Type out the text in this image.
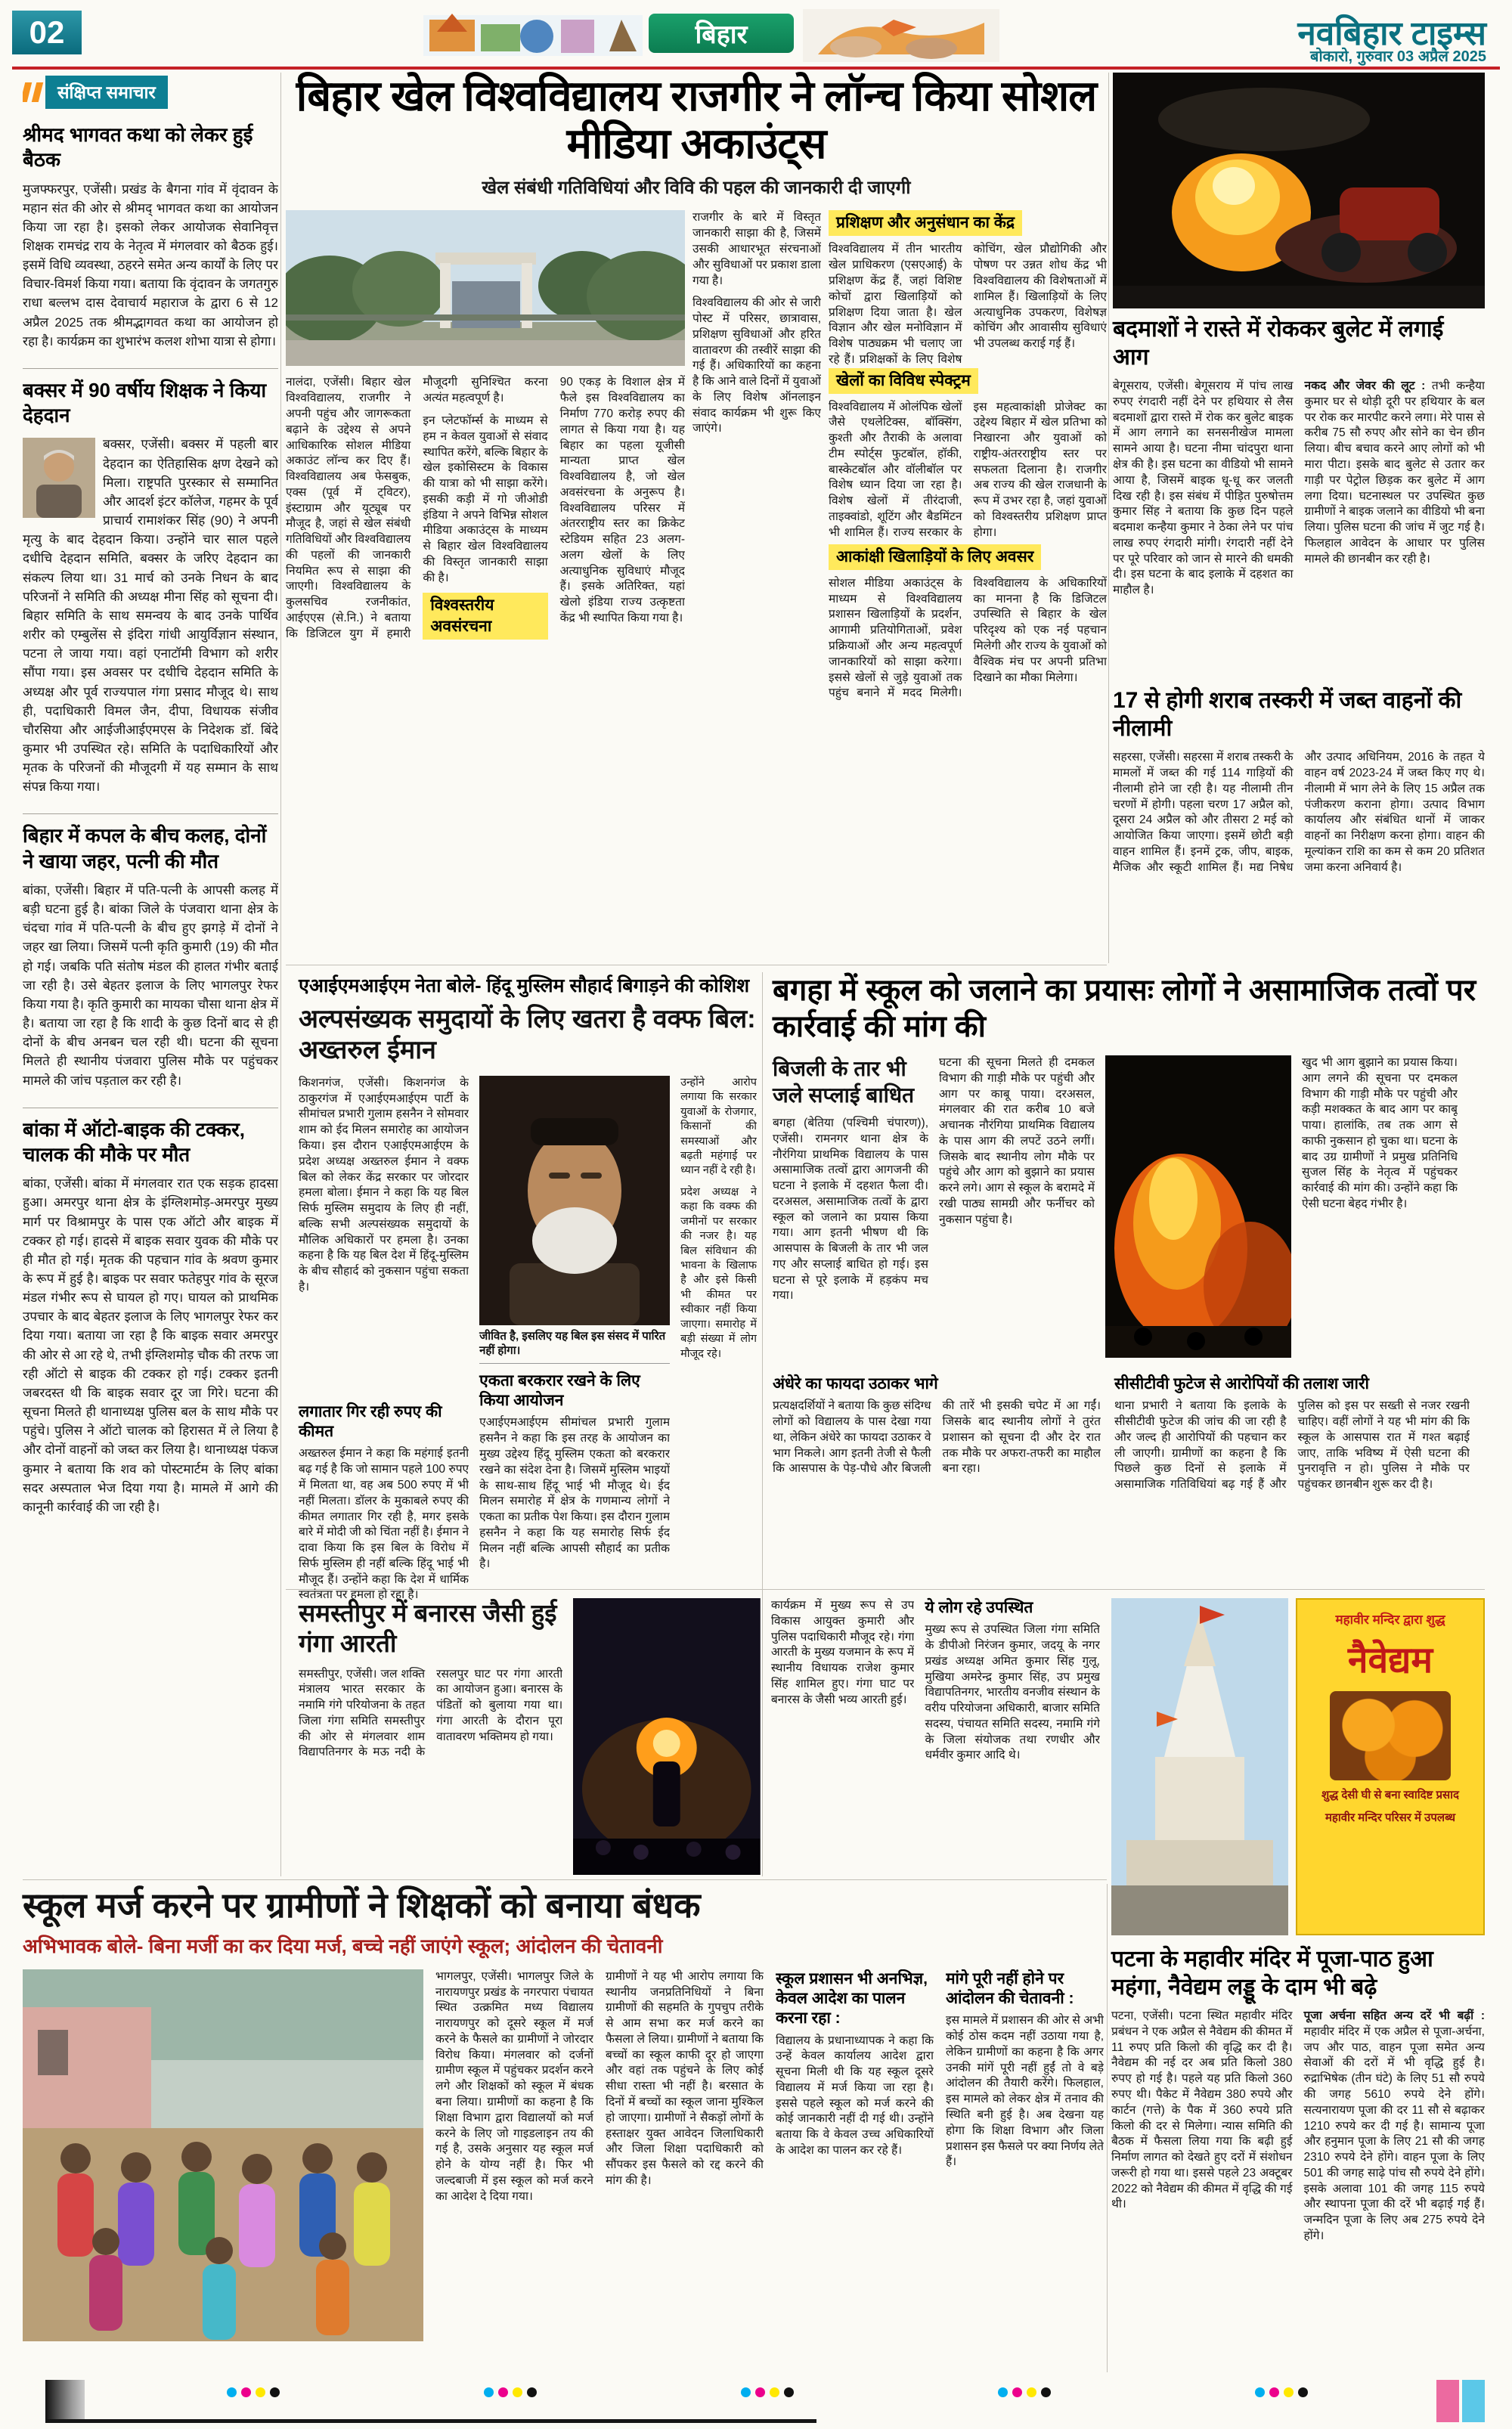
02	बिहार	नवबिहार टाइम्स
बोकारो, गुरुवार 03 अप्रैल 2025
संक्षिप्त समाचार
श्रीमद भागवत कथा को लेकर हुई बैठक

मुजफ्फरपुर, एजेंसी। प्रखंड के बैगना गांव में वृंदावन के महान संत की ओर से श्रीमद् भागवत कथा का आयोजन किया जा रहा है। इसको लेकर आयोजक सेवानिवृत्त शिक्षक रामचंद्र राय के नेतृत्व में मंगलवार को बैठक हुई। इसमें वि‍धि व्यवस्था, ठहरने समेत अन्य कार्यों के लिए पर विचार-विमर्श किया गया। बताया कि वृंदावन के जगतगुरु राधा बल्लभ दास देवाचार्य महाराज के द्वारा 6 से 12 अप्रैल 2025 तक श्रीमद्भागवत कथा का आयोजन हो रहा है। कार्यक्रम का शुभारंभ कलश शोभा यात्रा से होगा।

बक्सर में 90 वर्षीय शिक्षक ने किया देहदान

बक्सर, एजेंसी। बक्सर में पहली बार देहदान का ऐतिहासिक क्षण देखने को मिला। राष्ट्रपति पुरस्कार से सम्मानित और आदर्श इंटर कॉलेज, गहमर के पूर्व प्राचार्य रामाशंकर सिंह (90) ने अपनी मृत्यु के बाद देहदान किया। उन्होंने चार साल पहले दधीचि देहदान समिति, बक्सर के जरिए देहदान का संकल्प लिया था। 31 मार्च को उनके निधन के बाद परिजनों ने समिति की अध्यक्ष मीना सिंह को सूचना दी। बिहार समिति के साथ समन्वय के बाद उनके पार्थिव शरीर को एम्बुलेंस से इंदिरा गांधी आयुर्विज्ञान संस्थान, पटना ले जाया गया। वहां एनाटॉमी विभाग को शरीर सौंपा गया। इस अवसर पर दधीचि देहदान समिति के अध्यक्ष और पूर्व राज्यपाल गंगा प्रसाद मौजूद थे। साथ ही, पदाधिकारी विमल जैन, दीपा, विधायक संजीव चौरसिया और आईजीआईएमएस के निदेशक डॉ. बिंदे कुमार भी उपस्थित रहे। समिति के पदाधिकारियों और मृतक के परिजनों की मौजूदगी में यह सम्मान के साथ संपन्न किया गया।

बिहार में कपल के बीच कलह, दोनों ने खाया जहर, पत्नी की मौत

बांका, एजेंसी। बिहार में पति-पत्नी के आपसी कलह में बड़ी घटना हुई है। बांका जिले के पंजवारा थाना क्षेत्र के चंदचा गांव में पति-पत्नी के बीच हुए झगड़े में दोनों ने जहर खा लिया। जिसमें पत्नी कृति कुमारी (19) की मौत हो गई। जबकि पति संतोष मंडल की हालत गंभीर बताई जा रही है। उसे बेहतर इलाज के लिए भागलपुर रेफर किया गया है। कृति कुमारी का मायका चौसा थाना क्षेत्र में है। बताया जा रहा है कि शादी के कुछ दिनों बाद से ही दोनों के बीच अनबन चल रही थी। घटना की सूचना मिलते ही स्थानीय पंजवारा पुलिस मौके पर पहुंचकर मामले की जांच पड़ताल कर रही है।

बांका में ऑटो-बाइक की टक्कर, चालक की मौके पर मौत

बांका, एजेंसी। बांका में मंगलवार रात एक सड़क हादसा हुआ। अमरपुर थाना क्षेत्र के इंग्लिशमोड़-अमरपुर मुख्य मार्ग पर विश्रामपुर के पास एक ऑटो और बाइक में टक्कर हो गई। हादसे में बाइक सवार युवक की मौके पर ही मौत हो गई। मृतक की पहचान गांव के श्रवण कुमार के रूप में हुई है। बाइक पर सवार फतेहपुर गांव के सूरज मंडल गंभीर रूप से घायल हो गए। घायल को प्राथमिक उपचार के बाद बेहतर इलाज के लिए भागलपुर रेफर कर दिया गया। बताया जा रहा है कि बाइक सवार अमरपुर की ओर से आ रहे थे, तभी इंग्लिशमोड़ चौक की तरफ जा रही ऑटो से बाइक की टक्कर हो गई। टक्कर इतनी जबरदस्त थी कि बाइक सवार दूर जा गिरे। घटना की सूचना मिलते ही थानाध्यक्ष पुलिस बल के साथ मौके पर पहुंचे। पुलिस ने ऑटो चालक को हिरासत में ले लिया है और दोनों वाहनों को जब्त कर लिया है। थानाध्यक्ष पंकज कुमार ने बताया कि शव को पोस्टमार्टम के लिए बांका सदर अस्पताल भेज दिया गया है। मामले में आगे की कानूनी कार्रवाई की जा रही है।

बिहार खेल विश्वविद्यालय राजगीर ने लॉन्च किया सोशल मीडिया अकाउंट्स
खेल संबंधी गतिविधियां और विवि की पहल की जानकारी दी जाएगी

राजगीर के बारे में विस्तृत जानकारी साझा की है, जिसमें उसकी आधारभूत संरचनाओं और सुविधाओं पर प्रकाश डाला गया है।

विश्वविद्यालय की ओर से जारी पोस्ट में परिसर, छात्रावास, प्रशिक्षण सुविधाओं और हरित वातावरण की तस्वीरें साझा की गई हैं। अधिकारियों का कहना है कि आने वाले दिनों में युवाओं के लिए विशेष ऑनलाइन संवाद कार्यक्रम भी शुरू किए जाएंगे।

प्रशिक्षण और अनुसंधान का केंद्र

विश्वविद्यालय में तीन भारतीय खेल प्राधिकरण (एसएआई) के प्रशिक्षण केंद्र हैं, जहां विशिष्ट कोचों द्वारा खिलाड़ियों को प्रशिक्षण दिया जाता है। खेल विज्ञान और खेल मनोविज्ञान में विशेष पाठ्यक्रम भी चलाए जा रहे हैं। प्रशिक्षकों के लिए विशेष कोचिंग, खेल प्रौद्योगिकी और पोषण पर उन्नत शोध केंद्र भी विश्वविद्यालय की विशेषताओं में शामिल हैं। खिलाड़ियों के लिए अत्याधुनिक उपकरण, विशेषज्ञ कोचिंग और आवासीय सुविधाएं भी उपलब्ध कराई गई हैं।

खेलों का विविध स्पेक्ट्रम

विश्वविद्यालय में ओलंपिक खेलों जैसे एथलेटिक्स, बॉक्सिंग, कुश्ती और तैराकी के अलावा टीम स्पोर्ट्स फुटबॉल, हॉकी, बास्केटबॉल और वॉलीबॉल पर विशेष ध्यान दिया जा रहा है। विशेष खेलों में तीरंदाजी, ताइक्वांडो, शूटिंग और बैडमिंटन भी शामिल हैं। राज्य सरकार के इस महत्वाकांक्षी प्रोजेक्ट का उद्देश्य बिहार में खेल प्रतिभा को निखारना और युवाओं को राष्ट्रीय-अंतरराष्ट्रीय स्तर पर सफलता दिलाना है। राजगीर अब राज्य की खेल राजधानी के रूप में उभर रहा है, जहां युवाओं को विश्वस्तरीय प्रशिक्षण प्राप्त होगा।

आकांक्षी खिलाड़ियों के लिए अवसर

सोशल मीडिया अकाउंट्स के माध्यम से विश्वविद्यालय प्रशासन खिलाड़ियों के प्रदर्शन, आगामी प्रतियोगिताओं, प्रवेश प्रक्रियाओं और अन्य महत्वपूर्ण जानकारियों को साझा करेगा। इससे खेलों से जुड़े युवाओं तक पहुंच बनाने में मदद मिलेगी। विश्वविद्यालय के अधिकारियों का मानना है कि डिजिटल उपस्थिति से बिहार के खेल परिदृश्य को एक नई पहचान मिलेगी और राज्य के युवाओं को वैश्विक मंच पर अपनी प्रतिभा दिखाने का मौका मिलेगा।

नालंदा, एजेंसी। बिहार खेल विश्वविद्यालय, राजगीर ने अपनी पहुंच और जागरूकता बढ़ाने के उद्देश्य से अपने आधिकारिक सोशल मीडिया अकाउंट लॉन्च कर दिए हैं। विश्वविद्यालय अब फेसबुक, एक्स (पूर्व में ट्विटर), इंस्टाग्राम और यूट्यूब पर मौजूद है, जहां से खेल संबंधी गतिविधियों और विश्वविद्यालय की पहलों की जानकारी नियमित रूप से साझा की जाएगी। विश्वविद्यालय के कुलसचिव रजनीकांत, आईएएस (से.नि.) ने बताया कि डिजिटल युग में हमारी मौजूदगी सुनिश्चित करना अत्यंत महत्वपूर्ण है।

इन प्लेटफॉर्म्स के माध्यम से हम न केवल युवाओं से संवाद स्थापित करेंगे, बल्कि बिहार के खेल इकोसिस्टम के विकास की यात्रा को भी साझा करेंगे। इसकी कड़ी में गो जीओडी इंडिया ने अपने विभिन्न सोशल मीडिया अकाउंट्स के माध्यम से बिहार खेल विश्वविद्यालय की विस्तृत जानकारी साझा की है।

विश्वस्तरीय अवसंरचना

90 एकड़ के विशाल क्षेत्र में फैले इस विश्वविद्यालय का निर्माण 770 करोड़ रुपए की लागत से किया गया है। यह बिहार का पहला यूजीसी मान्यता प्राप्त खेल विश्वविद्यालय है, जो खेल अवसंरचना के अनुरूप है। विश्वविद्यालय परिसर में अंतरराष्ट्रीय स्तर का क्रिकेट स्टेडियम सहित 23 अलग-अलग खेलों के लिए अत्याधुनिक सुविधाएं मौजूद हैं। इसके अतिरिक्त, यहां खेलो इंडिया राज्य उत्कृष्टता केंद्र भी स्थापित किया गया है।

बदमाशों ने रास्ते में रोककर बुलेट में लगाई आग

बेगूसराय, एजेंसी। बेगूसराय में पांच लाख रुपए रंगदारी नहीं देने पर हथियार से लैस बदमाशों द्वारा रास्ते में रोक कर बुलेट बाइक में आग लगाने का सनसनीखेज मामला सामने आया है। घटना नीमा चांदपुरा थाना क्षेत्र की है। इस घटना का वीडियो भी सामने आया है, जिसमें बाइक धू-धू कर जलती दिख रही है। इस संबंध में पीड़ित पुरुषोत्तम कुमार सिंह ने बताया कि कुछ दिन पहले बदमाश कन्हैया कुमार ने ठेका लेने पर पांच लाख रुपए रंगदारी मांगी। रंगदारी नहीं देने पर पूरे परिवार को जान से मारने की धमकी दी। इस घटना के बाद इलाके में दहशत का माहौल है।

नकद और जेवर की लूट : तभी कन्हैया कुमार घर से थोड़ी दूरी पर हथियार के बल पर रोक कर मारपीट करने लगा। मेरे पास से करीब 75 सौ रुपए और सोने का चेन छीन लिया। बीच बचाव करने आए लोगों को भी मारा पीटा। इसके बाद बुलेट से उतार कर गाड़ी पर पेट्रोल छिड़क कर बुलेट में आग लगा दिया। घटनास्थल पर उपस्थित कुछ ग्रामीणों ने बाइक जलाने का वीडियो भी बना लिया। पुलिस घटना की जांच में जुट गई है। फिलहाल आवेदन के आधार पर पुलिस मामले की छानबीन कर रही है।

17 से होगी शराब तस्करी में जब्त वाहनों की नीलामी

सहरसा, एजेंसी। सहरसा में शराब तस्करी के मामलों में जब्त की गई 114 गाड़ियों की नीलामी होने जा रही है। यह नीलामी तीन चरणों में होगी। पहला चरण 17 अप्रैल को, दूसरा 24 अप्रैल को और तीसरा 2 मई को आयोजित किया जाएगा। इसमें छोटी बड़ी वाहन शामिल हैं। इनमें ट्रक, जीप, बाइक, मैजिक और स्कूटी शामिल हैं। मद्य निषेध और उत्पाद अधिनियम, 2016 के तहत ये वाहन वर्ष 2023-24 में जब्त किए गए थे। नीलामी में भाग लेने के लिए 15 अप्रैल तक पंजीकरण कराना होगा। उत्पाद विभाग कार्यालय और संबंधित थानों में जाकर वाहनों का निरीक्षण करना होगा। वाहन की मूल्यांकन राशि का कम से कम 20 प्रतिशत जमा करना अनिवार्य है।

एआईएमआईएम नेता बोले- हिंदू मुस्लिम सौहार्द बिगाड़ने की कोशिश
अल्पसंख्यक समुदायों के लिए खतरा है वक्फ बिल: अख्तरुल ईमान

किशनगंज, एजेंसी। किशनगंज के ठाकुरगंज में एआईएमआईएम पार्टी के सीमांचल प्रभारी गुलाम हसनैन ने सोमवार शाम को ईद मिलन समारोह का आयोजन किया। इस दौरान एआईएमआईएम के प्रदेश अध्यक्ष अख्तरुल ईमान ने वक्फ बिल को लेकर केंद्र सरकार पर जोरदार हमला बोला। ईमान ने कहा कि यह बिल सिर्फ मुस्लिम समुदाय के लिए ही नहीं, बल्कि सभी अल्पसंख्यक समुदायों के मौलिक अधिकारों पर हमला है। उनका कहना है कि यह बिल देश में हिंदू-मुस्लिम के बीच सौहार्द को नुकसान पहुंचा सकता है।

लगातार गिर रही रुपए की कीमत

अख्तरुल ईमान ने कहा कि महंगाई इतनी बढ़ गई है कि जो सामान पहले 100 रुपए में मिलता था, वह अब 500 रुपए में भी नहीं मिलता। डॉलर के मुकाबले रुपए की कीमत लगातार गिर रही है, मगर इसके बारे में मोदी जी को चिंता नहीं है। ईमान ने दावा किया कि इस बिल के विरोध में सिर्फ मुस्लिम ही नहीं बल्कि हिंदू भाई भी मौजूद हैं। उन्होंने कहा कि देश में धार्मिक स्वतंत्रता पर हमला हो रहा है।

जीवित है, इसलिए यह बिल इस संसद में पारित नहीं होगा।
एकता बरकरार रखने के लिए किया आयोजन

एआईएमआईएम सीमांचल प्रभारी गुलाम हसनैन ने कहा कि इस तरह के आयोजन का मुख्य उद्देश्य हिंदू मुस्लिम एकता को बरकरार रखने का संदेश देना है। जिसमें मुस्लिम भाइयों के साथ-साथ हिंदू भाई भी मौजूद थे। ईद मिलन समारोह में क्षेत्र के गणमान्य लोगों ने एकता का प्रतीक पेश किया। इस दौरान गुलाम हसनैन ने कहा कि यह समारोह सिर्फ ईद मिलन नहीं बल्कि आपसी सौहार्द का प्रतीक है।

उन्होंने आरोप लगाया कि सरकार युवाओं के रोजगार, किसानों की समस्याओं और बढ़ती महंगाई पर ध्यान नहीं दे रही है।

प्रदेश अध्यक्ष ने कहा कि वक्फ की जमीनों पर सरकार की नजर है। यह बिल संविधान की भावना के खिलाफ है और इसे किसी भी कीमत पर स्वीकार नहीं किया जाएगा। समारोह में बड़ी संख्या में लोग मौजूद रहे।

बगहा में स्कूल को जलाने का प्रयासः लोगों ने असामाजिक तत्वों पर कार्रवाई की मांग की
बिजली के तार भी जले सप्लाई बाधित

बगहा (बेतिया (पश्चिमी चंपारण)), एजेंसी। रामनगर थाना क्षेत्र के नौरंगिया प्राथमिक विद्यालय के पास असामाजिक तत्वों द्वारा आगजनी की घटना ने इलाके में दहशत फैला दी। दरअसल, असामाजिक तत्वों के द्वारा स्कूल को जलाने का प्रयास किया गया। आग इतनी भीषण थी कि आसपास के बिजली के तार भी जल गए और सप्लाई बाधित हो गई। इस घटना से पूरे इलाके में हड़कंप मच गया।

घटना की सूचना मिलते ही दमकल विभाग की गाड़ी मौके पर पहुंची और आग पर काबू पाया। दरअसल, मंगलवार की रात करीब 10 बजे अचानक नौरंगिया प्राथमिक विद्यालय के पास आग की लपटें उठने लगीं। जिसके बाद स्थानीय लोग मौके पर पहुंचे और आग को बुझाने का प्रयास करने लगे। आग से स्कूल के बरामदे में रखी पाठ्य सामग्री और फर्नीचर को नुकसान पहुंचा है।

खुद भी आग बुझाने का प्रयास किया। आग लगने की सूचना पर दमकल विभाग की गाड़ी मौके पर पहुंची और कड़ी मशक्कत के बाद आग पर काबू पाया। हालांकि, तब तक आग से काफी नुकसान हो चुका था। घटना के बाद उग्र ग्रामीणों ने प्रमुख प्रतिनिधि सुजल सिंह के नेतृत्व में पहुंचकर कार्रवाई की मांग की। उन्होंने कहा कि ऐसी घटना बेहद गंभीर है।

अंधेरे का फायदा उठाकर भागे

प्रत्यक्षदर्शियों ने बताया कि कुछ संदिग्ध लोगों को विद्यालय के पास देखा गया था, लेकिन अंधेरे का फायदा उठाकर वे भाग निकले। आग इतनी तेजी से फैली कि आसपास के पेड़-पौधे और बिजली की तारें भी इसकी चपेट में आ गईं। जिसके बाद स्थानीय लोगों ने तुरंत प्रशासन को सूचना दी और देर रात तक मौके पर अफरा-तफरी का माहौल बना रहा।

सीसीटीवी फुटेज से आरोपियों की तलाश जारी

थाना प्रभारी ने बताया कि इलाके के सीसीटीवी फुटेज की जांच की जा रही है और जल्द ही आरोपियों की पहचान कर ली जाएगी। ग्रामीणों का कहना है कि पिछले कुछ दिनों से इलाके में असामाजिक गतिविधियां बढ़ गई हैं और पुलिस को इस पर सख्ती से नजर रखनी चाहिए। वहीं लोगों ने यह भी मांग की कि स्कूल के आसपास रात में गश्त बढ़ाई जाए, ताकि भविष्य में ऐसी घटना की पुनरावृत्ति न हो। पुलिस ने मौके पर पहुंचकर छानबीन शुरू कर दी है।

समस्तीपुर में बनारस जैसी हुई गंगा आरती

समस्तीपुर, एजेंसी। जल शक्ति मंत्रालय भारत सरकार के नमामि गंगे परियोजना के तहत जिला गंगा समिति समस्तीपुर की ओर से मंगलवार शाम विद्यापतिनगर के मऊ नदी के रसलपुर घाट पर गंगा आरती का आयोजन हुआ। बनारस के पंडितों को बुलाया गया था। गंगा आरती के दौरान पूरा वातावरण भक्तिमय हो गया।

कार्यक्रम में मुख्य रूप से उप विकास आयुक्त कुमारी और पुलिस पदाधिकारी मौजूद रहे। गंगा आरती के मुख्य यजमान के रूप में स्थानीय विधायक राजेश कुमार सिंह शामिल हुए। गंगा घाट पर बनारस के जैसी भव्य आरती हुई।

ये लोग रहे उपस्थित

मुख्य रूप से उपस्थित जिला गंगा समिति के डीपीओ निरंजन कुमार, जदयू के नगर प्रखंड अध्यक्ष अमित कुमार सिंह गुलू, मुखिया अमरेन्द्र कुमार सिंह, उप प्रमुख विद्यापतिनगर, भारतीय वनजीव संस्थान के वरीय परियोजना अधिकारी, बाजार समिति सदस्य, पंचायत समिति सदस्य, नमामि गंगे के जिला संयोजक तथा रणधीर और धर्मवीर कुमार आदि थे।

महावीर मन्दिर द्वारा शुद्ध
नैवेद्यम
शुद्ध देसी घी से बना स्वादिष्ट प्रसाद
महावीर मन्दिर परिसर में उपलब्ध
पटना के महावीर मंदिर में पूजा-पाठ हुआ महंगा, नैवेद्यम लड्डू के दाम भी बढ़े

पटना, एजेंसी। पटना स्थित महावीर मंदिर प्रबंधन ने एक अप्रैल से नैवेद्यम की कीमत में 11 रुपए प्रति किलो की वृद्धि कर दी है। नैवेद्यम की नई दर अब प्रति किलो 380 रुपए हो गई है। पहले यह प्रति किलो 360 रुपए थी। पैकेट में नैवेद्यम 380 रुपये और कार्टन (गत्ते) के पैक में 360 रुपये प्रति किलो की दर से मिलेगा। न्यास समिति की बैठक में फैसला लिया गया कि बढ़ी हुई निर्माण लागत को देखते हुए दरों में संशोधन जरूरी हो गया था। इससे पहले 23 अक्टूबर 2022 को नैवेद्यम की कीमत में वृद्धि की गई थी।

पूजा अर्चना सहित अन्य दरें भी बढ़ीं : महावीर मंदिर में एक अप्रैल से पूजा-अर्चना, जप और पाठ, वाहन पूजा समेत अन्य सेवाओं की दरों में भी वृद्धि हुई है। रुद्राभिषेक (तीन घंटे) के लिए 51 सौ रुपये की जगह 5610 रुपये देने होंगे। सत्यनारायण पूजा की दर 11 सौ से बढ़ाकर 1210 रुपये कर दी गई है। सामान्य पूजा और हनुमान पूजा के लिए 21 सौ की जगह 2310 रुपये देने होंगे। वाहन पूजा के लिए 501 की जगह साढ़े पांच सौ रुपये देने होंगे। इसके अलावा 101 की जगह 115 रुपये और स्थापना पूजा की दरें भी बढ़ाई गई हैं। जन्मदिन पूजा के लिए अब 275 रुपये देने होंगे।

स्कूल मर्ज करने पर ग्रामीणों ने शिक्षकों को बनाया बंधक
अभिभावक बोले- बिना मर्जी का कर दिया मर्ज, बच्चे नहीं जाएंगे स्कूल; आंदोलन की चेतावनी

भागलपुर, एजेंसी। भागलपुर जिले के नारायणपुर प्रखंड के नगरपारा पंचायत स्थित उत्क्रमित मध्य विद्यालय नारायणपुर को दूसरे स्कूल में मर्ज करने के फैसले का ग्रामीणों ने जोरदार विरोध किया। मंगलवार को दर्जनों ग्रामीण स्कूल में पहुंचकर प्रदर्शन करने लगे और शिक्षकों को स्कूल में बंधक बना लिया। ग्रामीणों का कहना है कि शिक्षा विभाग द्वारा विद्यालयों को मर्ज करने के लिए जो गाइडलाइन तय की गई है, उसके अनुसार यह स्कूल मर्ज होने के योग्य नहीं है। फिर भी जल्दबाजी में इस स्कूल को मर्ज करने का आदेश दे दिया गया।

ग्रामीणों ने यह भी आरोप लगाया कि स्थानीय जनप्रतिनिधियों ने बिना ग्रामीणों की सहमति के गुपचुप तरीके से आम सभा कर मर्ज करने का फैसला ले लिया। ग्रामीणों ने बताया कि बच्चों का स्कूल काफी दूर हो जाएगा और वहां तक पहुंचने के लिए कोई सीधा रास्ता भी नहीं है। बरसात के दिनों में बच्चों का स्कूल जाना मुश्किल हो जाएगा। ग्रामीणों ने सैकड़ों लोगों के हस्ताक्षर युक्त आवेदन जिलाधिकारी और जिला शिक्षा पदाधिकारी को सौंपकर इस फैसले को रद्द करने की मांग की है।

स्कूल प्रशासन भी अनभिज्ञ, केवल आदेश का पालन करना रहा :

विद्यालय के प्रधानाध्यापक ने कहा कि उन्हें केवल कार्यालय आदेश द्वारा सूचना मिली थी कि यह स्कूल दूसरे विद्यालय में मर्ज किया जा रहा है। इससे पहले स्कूल को मर्ज करने की कोई जानकारी नहीं दी गई थी। उन्होंने बताया कि वे केवल उच्च अधिकारियों के आदेश का पालन कर रहे हैं।

मांगे पूरी नहीं होने पर आंदोलन की चेतावनी :

इस मामले में प्रशासन की ओर से अभी कोई ठोस कदम नहीं उठाया गया है, लेकिन ग्रामीणों का कहना है कि अगर उनकी मांगें पूरी नहीं हुईं तो वे बड़े आंदोलन की तैयारी करेंगे। फिलहाल, इस मामले को लेकर क्षेत्र में तनाव की स्थिति बनी हुई है। अब देखना यह होगा कि शिक्षा विभाग और जिला प्रशासन इस फैसले पर क्या निर्णय लेते हैं।
